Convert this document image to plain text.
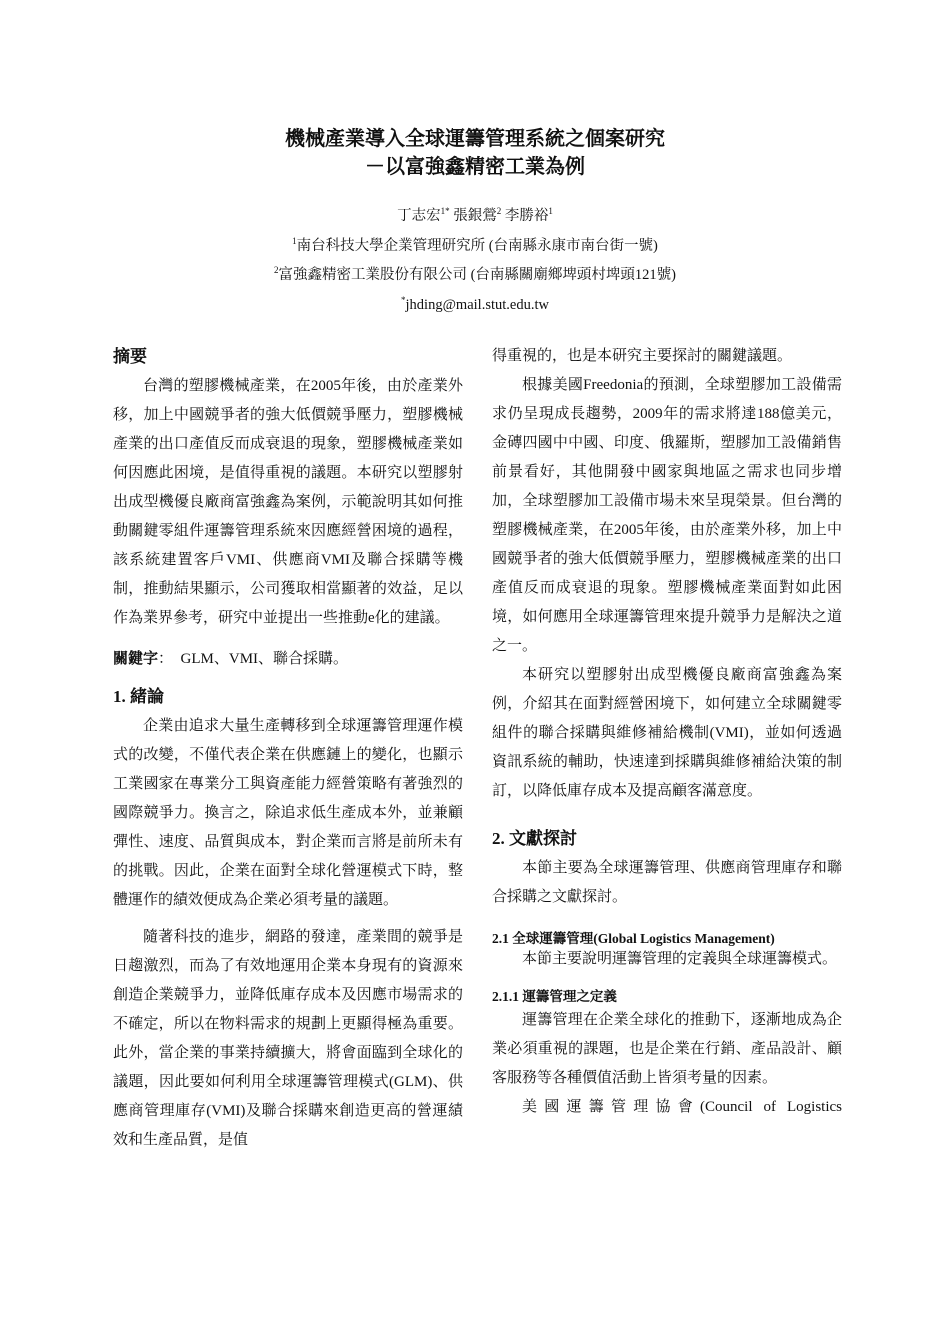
機械產業導入全球運籌管理系統之個案研究
－以富強鑫精密工業為例
丁志宏$^{1*}$ 張銀鶯$^2$ 李勝裕$^1$
$^1$南台科技大學企業管理研究所 (台南縣永康市南台街一號)
$^2$富強鑫精密工業股份有限公司 (台南縣關廟鄉埤頭村埤頭121號)
*jhding@mail.stut.edu.tw

摘要

台灣的塑膠機械產業，在2005年後，由於產業外移，加上中國競爭者的強大低價競爭壓力，塑膠機械產業的出口產值反而成衰退的現象，塑膠機械產業如何因應此困境，是值得重視的議題。本研究以塑膠射出成型機優良廠商富強鑫為案例，示範說明其如何推動關鍵零組件運籌管理系統來因應經營困境的過程，該系統建置客戶VMI、供應商VMI及聯合採購等機制，推動結果顯示，公司獲取相當顯著的效益，足以作為業界參考，研究中並提出一些推動e化的建議。

關鍵字： GLM、VMI、聯合採購。

1. 緒論

企業由追求大量生產轉移到全球運籌管理運作模式的改變，不僅代表企業在供應鏈上的變化，也顯示工業國家在專業分工與資產能力經營策略有著強烈的國際競爭力。換言之，除追求低生產成本外，並兼顧彈性、速度、品質與成本，對企業而言將是前所未有的挑戰。因此，企業在面對全球化營運模式下時，整體運作的績效便成為企業必須考量的議題。

隨著科技的進步，網路的發達，產業間的競爭是日趨激烈，而為了有效地運用企業本身現有的資源來創造企業競爭力，並降低庫存成本及因應市場需求的不確定，所以在物料需求的規劃上更顯得極為重要。此外，當企業的事業持續擴大，將會面臨到全球化的議題，因此要如何利用全球運籌管理模式(GLM)、供應商管理庫存(VMI)及聯合採購來創造更高的營運績效和生產品質，是值

得重視的，也是本研究主要探討的關鍵議題。

根據美國Freedonia的預測，全球塑膠加工設備需求仍呈現成長趨勢，2009年的需求將達188億美元，金磚四國中中國、印度、俄羅斯，塑膠加工設備銷售前景看好，其他開發中國家與地區之需求也同步增加，全球塑膠加工設備市場未來呈現榮景。但台灣的塑膠機械產業，在2005年後，由於產業外移，加上中國競爭者的強大低價競爭壓力，塑膠機械產業的出口產值反而成衰退的現象。塑膠機械產業面對如此困境，如何應用全球運籌管理來提升競爭力是解決之道之一。

本研究以塑膠射出成型機優良廠商富強鑫為案例，介紹其在面對經營困境下，如何建立全球關鍵零組件的聯合採購與維修補給機制(VMI)，並如何透過資訊系統的輔助，快速達到採購與維修補給決策的制訂，以降低庫存成本及提高顧客滿意度。

2. 文獻探討

本節主要為全球運籌管理、供應商管理庫存和聯合採購之文獻探討。

2.1 全球運籌管理(Global Logistics Management)

本節主要說明運籌管理的定義與全球運籌模式。

2.1.1 運籌管理之定義

運籌管理在企業全球化的推動下，逐漸地成為企業必須重視的課題，也是企業在行銷、產品設計、顧客服務等各種價值活動上皆須考量的因素。

美國運籌管理協會(Council of Logistics
